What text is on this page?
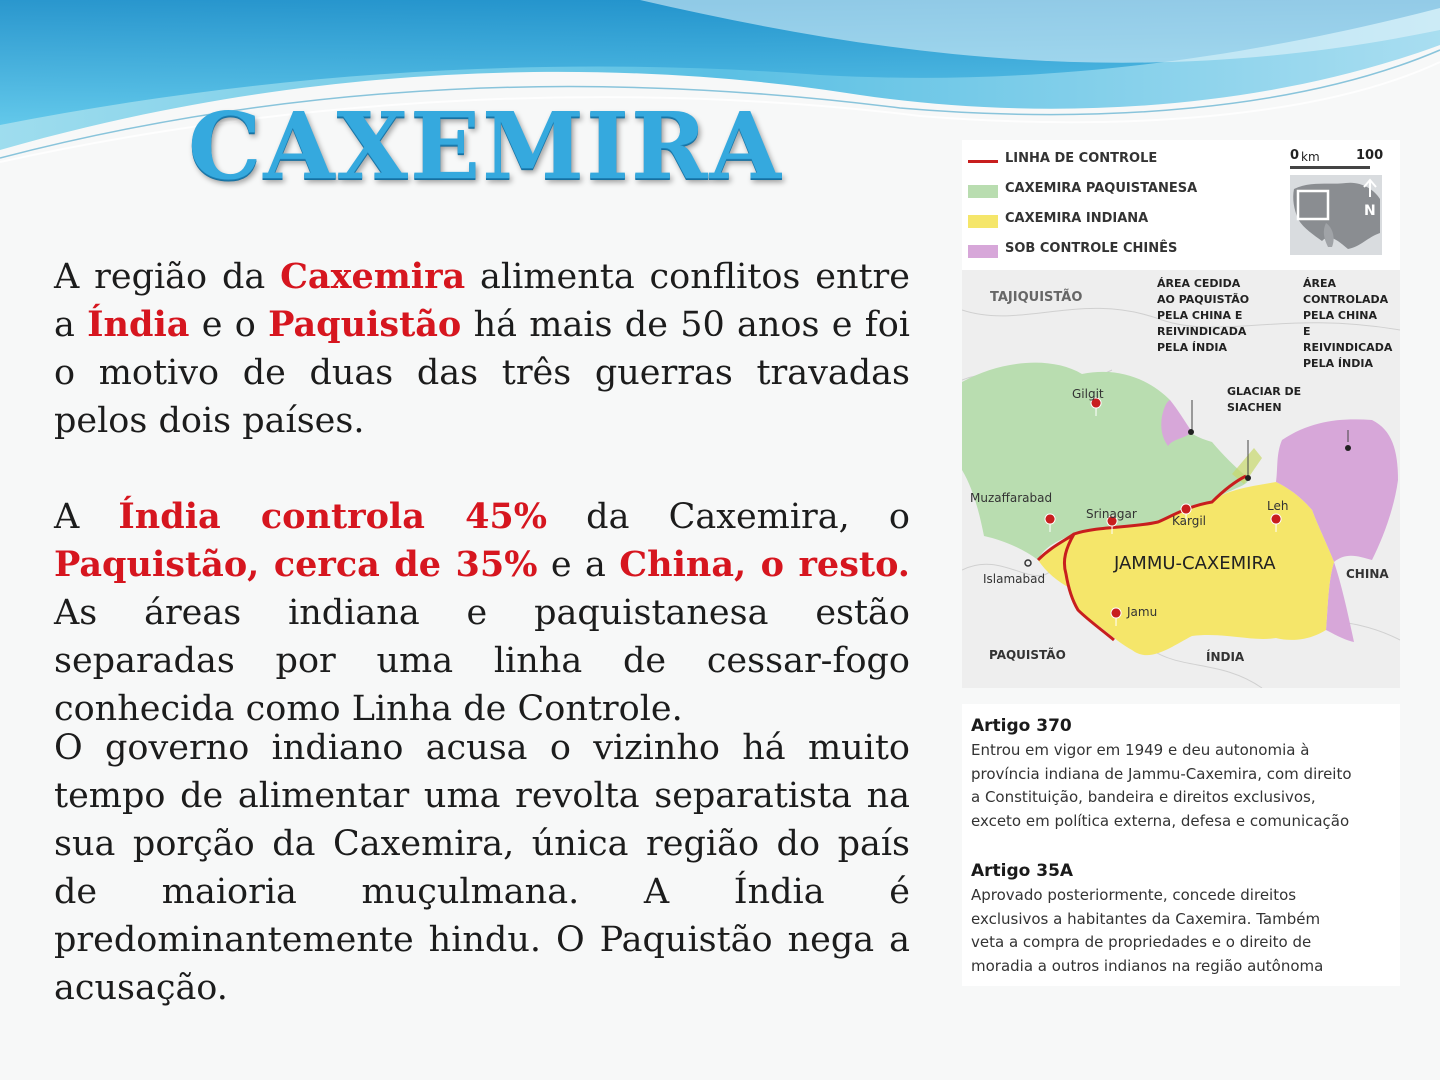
CAXEMIRA

A região da Caxemira alimenta conflitos entre a Índia e o Paquistão há mais de 50 anos e foi o motivo de duas das três guerras travadas pelos dois países.

A Índia controla 45% da Caxemira, o Paquistão, cerca de 35% e a China, o resto. As áreas indiana e paquistanesa estão separadas por uma linha de cessar-fogo conhecida como Linha de Controle.

O governo indiano acusa o vizinho há muito tempo de alimentar uma revolta separatista na sua porção da Caxemira, única região do país de maioria muçulmana. A Índia é predominantemente hindu. O Paquistão nega a acusação.

LINHA DE CONTROLE
CAXEMIRA PAQUISTANESA
CAXEMIRA INDIANA
SOB CONTROLE CHINÊS
0 km	100
N
TAJIQUISTÃO
ÁREA CEDIDA
AO PAQUISTÃO
PELA CHINA E
REIVINDICADA
PELA ÍNDIA
ÁREA
CONTROLADA
PELA CHINA
E
REIVINDICADA
PELA ÍNDIA
GLACIAR DE
SIACHEN
Gilgit
Muzaffarabad
Srinagar	Kargil
Leh
JAMMU-CAXEMIRA
Islamabad	CHINA
Jamu
PAQUISTÃO	ÍNDIA
Artigo 370
Entrou em vigor em 1949 e deu autonomia à
província indiana de Jammu-Caxemira, com direito
a Constituição, bandeira e direitos exclusivos,
exceto em política externa, defesa e comunicação
Artigo 35A
Aprovado posteriormente, concede direitos
exclusivos a habitantes da Caxemira. Também
veta a compra de propriedades e o direito de
moradia a outros indianos na região autônoma
